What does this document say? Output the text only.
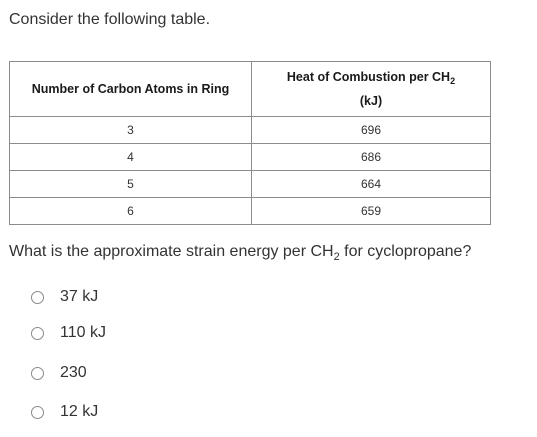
Consider the following table.
Number of Carbon Atoms in Ring	Heat of Combustion per $CH_2$
(kJ)

3	696
4	686
5	664
6	659
What is the approximate strain energy per $CH_2$ for cyclopropane?
37 kJ
110 kJ
230
12 kJ
